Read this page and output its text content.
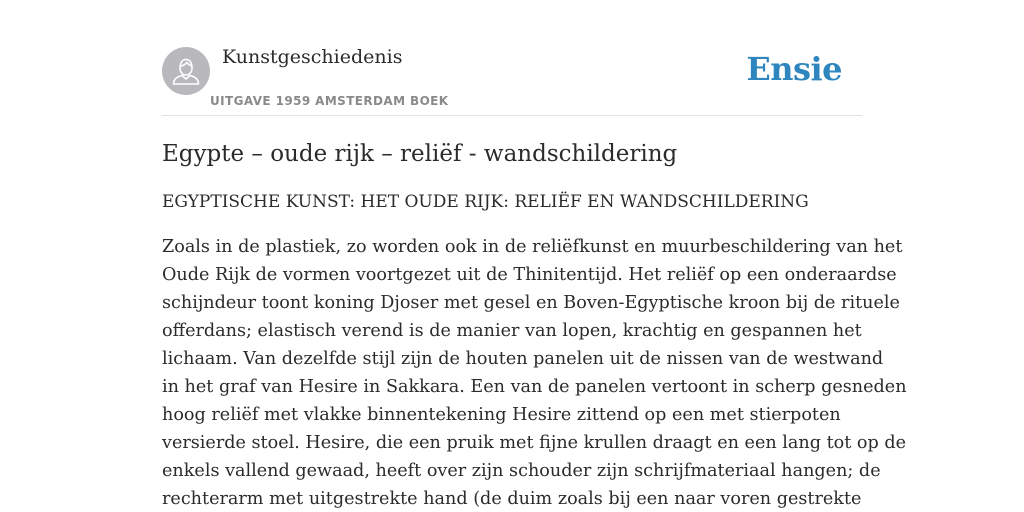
Kunstgeschiedenis
UITGAVE 1959 AMSTERDAM BOEK
Ensie
Egypte – oude rijk – reliëf - wandschildering

EGYPTISCHE KUNST: HET OUDE RIJK: RELIËF EN WANDSCHILDERING

Zoals in de plastiek, zo worden ook in de reliëfkunst en muurbeschildering van het
Oude Rijk de vormen voortgezet uit de Thinitentijd. Het reliëf op een onderaardse
schijndeur toont koning Djoser met gesel en Boven-Egyptische kroon bij de rituele
offerdans; elastisch verend is de manier van lopen, krachtig en gespannen het
lichaam. Van dezelfde stijl zijn de houten panelen uit de nissen van de westwand
in het graf van Hesire in Sakkara. Een van de panelen vertoont in scherp gesneden
hoog reliëf met vlakke binnentekening Hesire zittend op een met stierpoten
versierde stoel. Hesire, die een pruik met fijne krullen draagt en een lang tot op de
enkels vallend gewaad, heeft over zijn schouder zijn schrijfmateriaal hangen; de
rechterarm met uitgestrekte hand (de duim zoals bij een naar voren gestrekte
